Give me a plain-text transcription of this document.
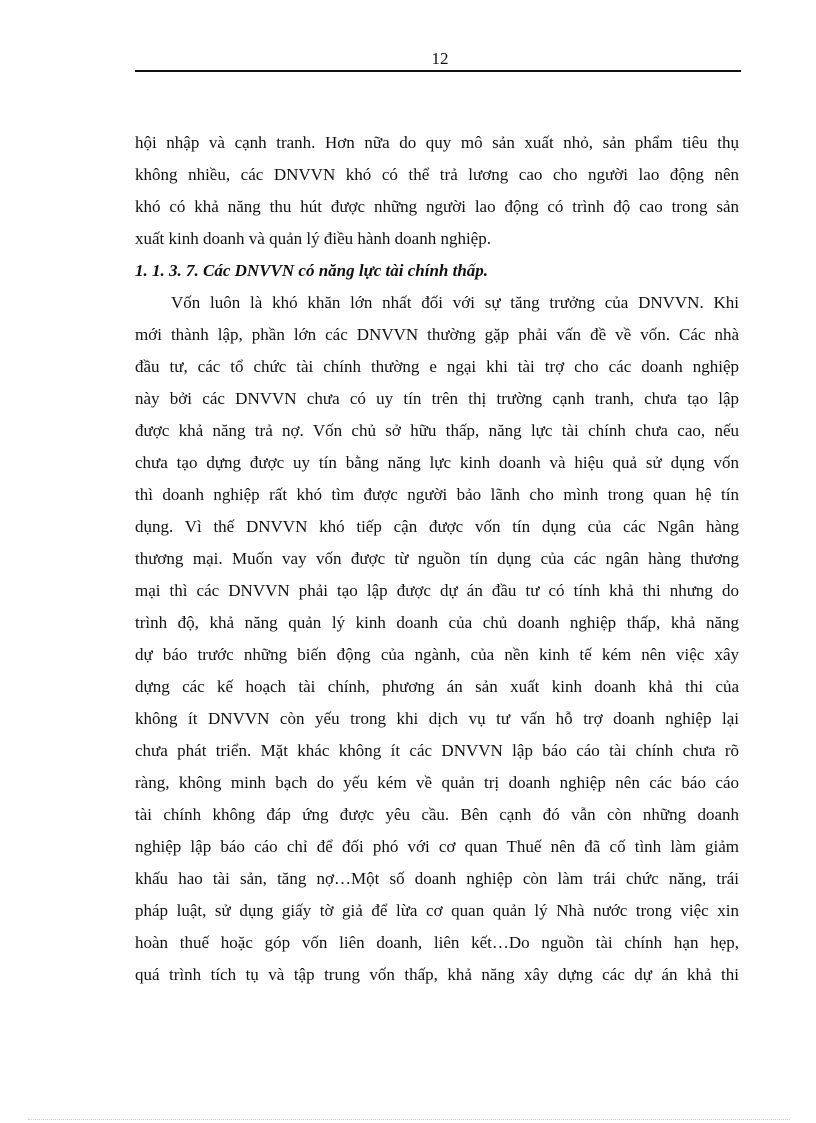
12
hội nhập và cạnh tranh. Hơn nữa do quy mô sản xuất nhỏ, sản phẩm tiêu thụ
không nhiều, các DNVVN khó có thể trả lương cao cho người lao động nên
khó có khả năng thu hút được những người lao động có trình độ cao trong sản
xuất kinh doanh và quản lý điều hành doanh nghiệp.
1. 1. 3. 7. Các DNVVN có năng lực tài chính thấp.
Vốn luôn là khó khăn lớn nhất đối với sự tăng trưởng của DNVVN. Khi
mới thành lập, phần lớn các DNVVN thường gặp phải vấn đề về vốn. Các nhà
đầu tư, các tổ chức tài chính thường e ngại khi tài trợ cho các doanh nghiệp
này bởi các DNVVN chưa có uy tín trên thị trường cạnh tranh, chưa tạo lập
được khả năng trả nợ. Vốn chủ sở hữu thấp, năng lực tài chính chưa cao, nếu
chưa tạo dựng được uy tín bằng năng lực kinh doanh và hiệu quả sử dụng vốn
thì doanh nghiệp rất khó tìm được người bảo lãnh cho mình trong quan hệ tín
dụng. Vì thế DNVVN khó tiếp cận được vốn tín dụng của các Ngân hàng
thương mại. Muốn vay vốn được từ nguồn tín dụng của các ngân hàng thương
mại thì các DNVVN phải tạo lập được dự án đầu tư có tính khả thi nhưng do
trình độ, khả năng quản lý kinh doanh của chủ doanh nghiệp thấp, khả năng
dự báo trước những biến động của ngành, của nền kinh tế kém nên việc xây
dựng các kế hoạch tài chính, phương án sản xuất kinh doanh khả thi của
không ít DNVVN còn yếu trong khi dịch vụ tư vấn hỗ trợ doanh nghiệp lại
chưa phát triển. Mặt khác không ít các DNVVN lập báo cáo tài chính chưa rõ
ràng, không minh bạch do yếu kém về quản trị doanh nghiệp nên các báo cáo
tài chính không đáp ứng được yêu cầu. Bên cạnh đó vẫn còn những doanh
nghiệp lập báo cáo chỉ để đối phó với cơ quan Thuế nên đã cố tình làm giảm
khấu hao tài sản, tăng nợ…Một số doanh nghiệp còn làm trái chức năng, trái
pháp luật, sử dụng giấy tờ giả để lừa cơ quan quản lý Nhà nước trong việc xin
hoàn thuế hoặc góp vốn liên doanh, liên kết…Do nguồn tài chính hạn hẹp,
quá trình tích tụ và tập trung vốn thấp, khả năng xây dựng các dự án khả thi
